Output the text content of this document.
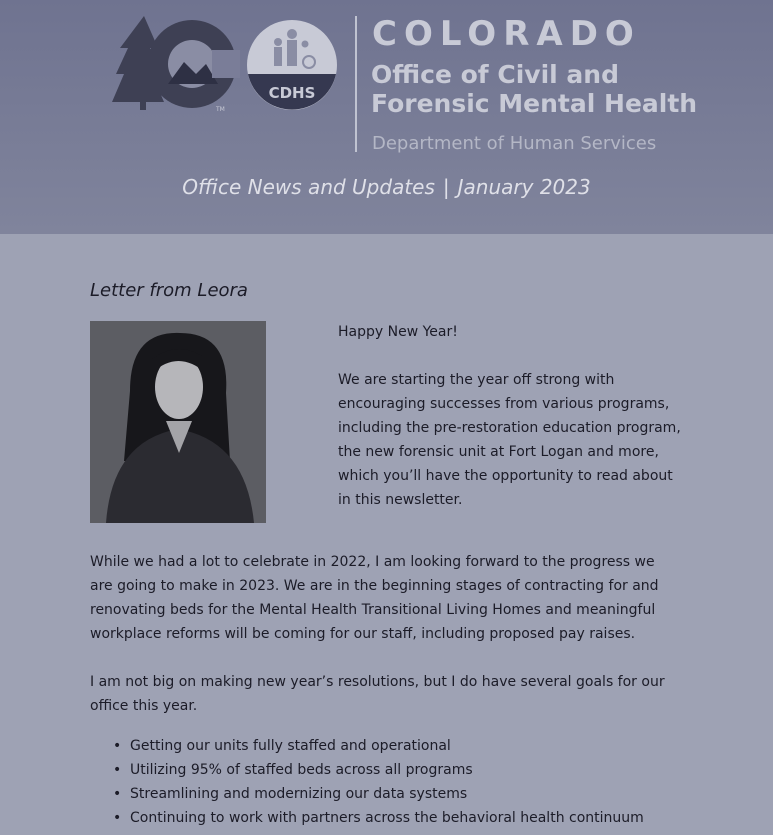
TM
CDHS
COLORADO
Office of Civil and
Forensic Mental Health
Department of Human Services
Office News and Updates | January 2023
Letter from Leora

Happy New Year!

We are starting the year off strong with encouraging successes from various programs, including the pre-restoration education program, the new forensic unit at Fort Logan and more, which you’ll have the opportunity to read about in this newsletter.

While we had a lot to celebrate in 2022, I am looking forward to the progress we are going to make in 2023. We are in the beginning stages of contracting for and renovating beds for the Mental Health Transitional Living Homes and meaningful workplace reforms will be coming for our staff, including proposed pay raises.

I am not big on making new year’s resolutions, but I do have several goals for our office this year.

• Getting our units fully staffed and operational
• Utilizing 95% of staffed beds across all programs
• Streamlining and modernizing our data systems
• Continuing to work with partners across the behavioral health continuum
